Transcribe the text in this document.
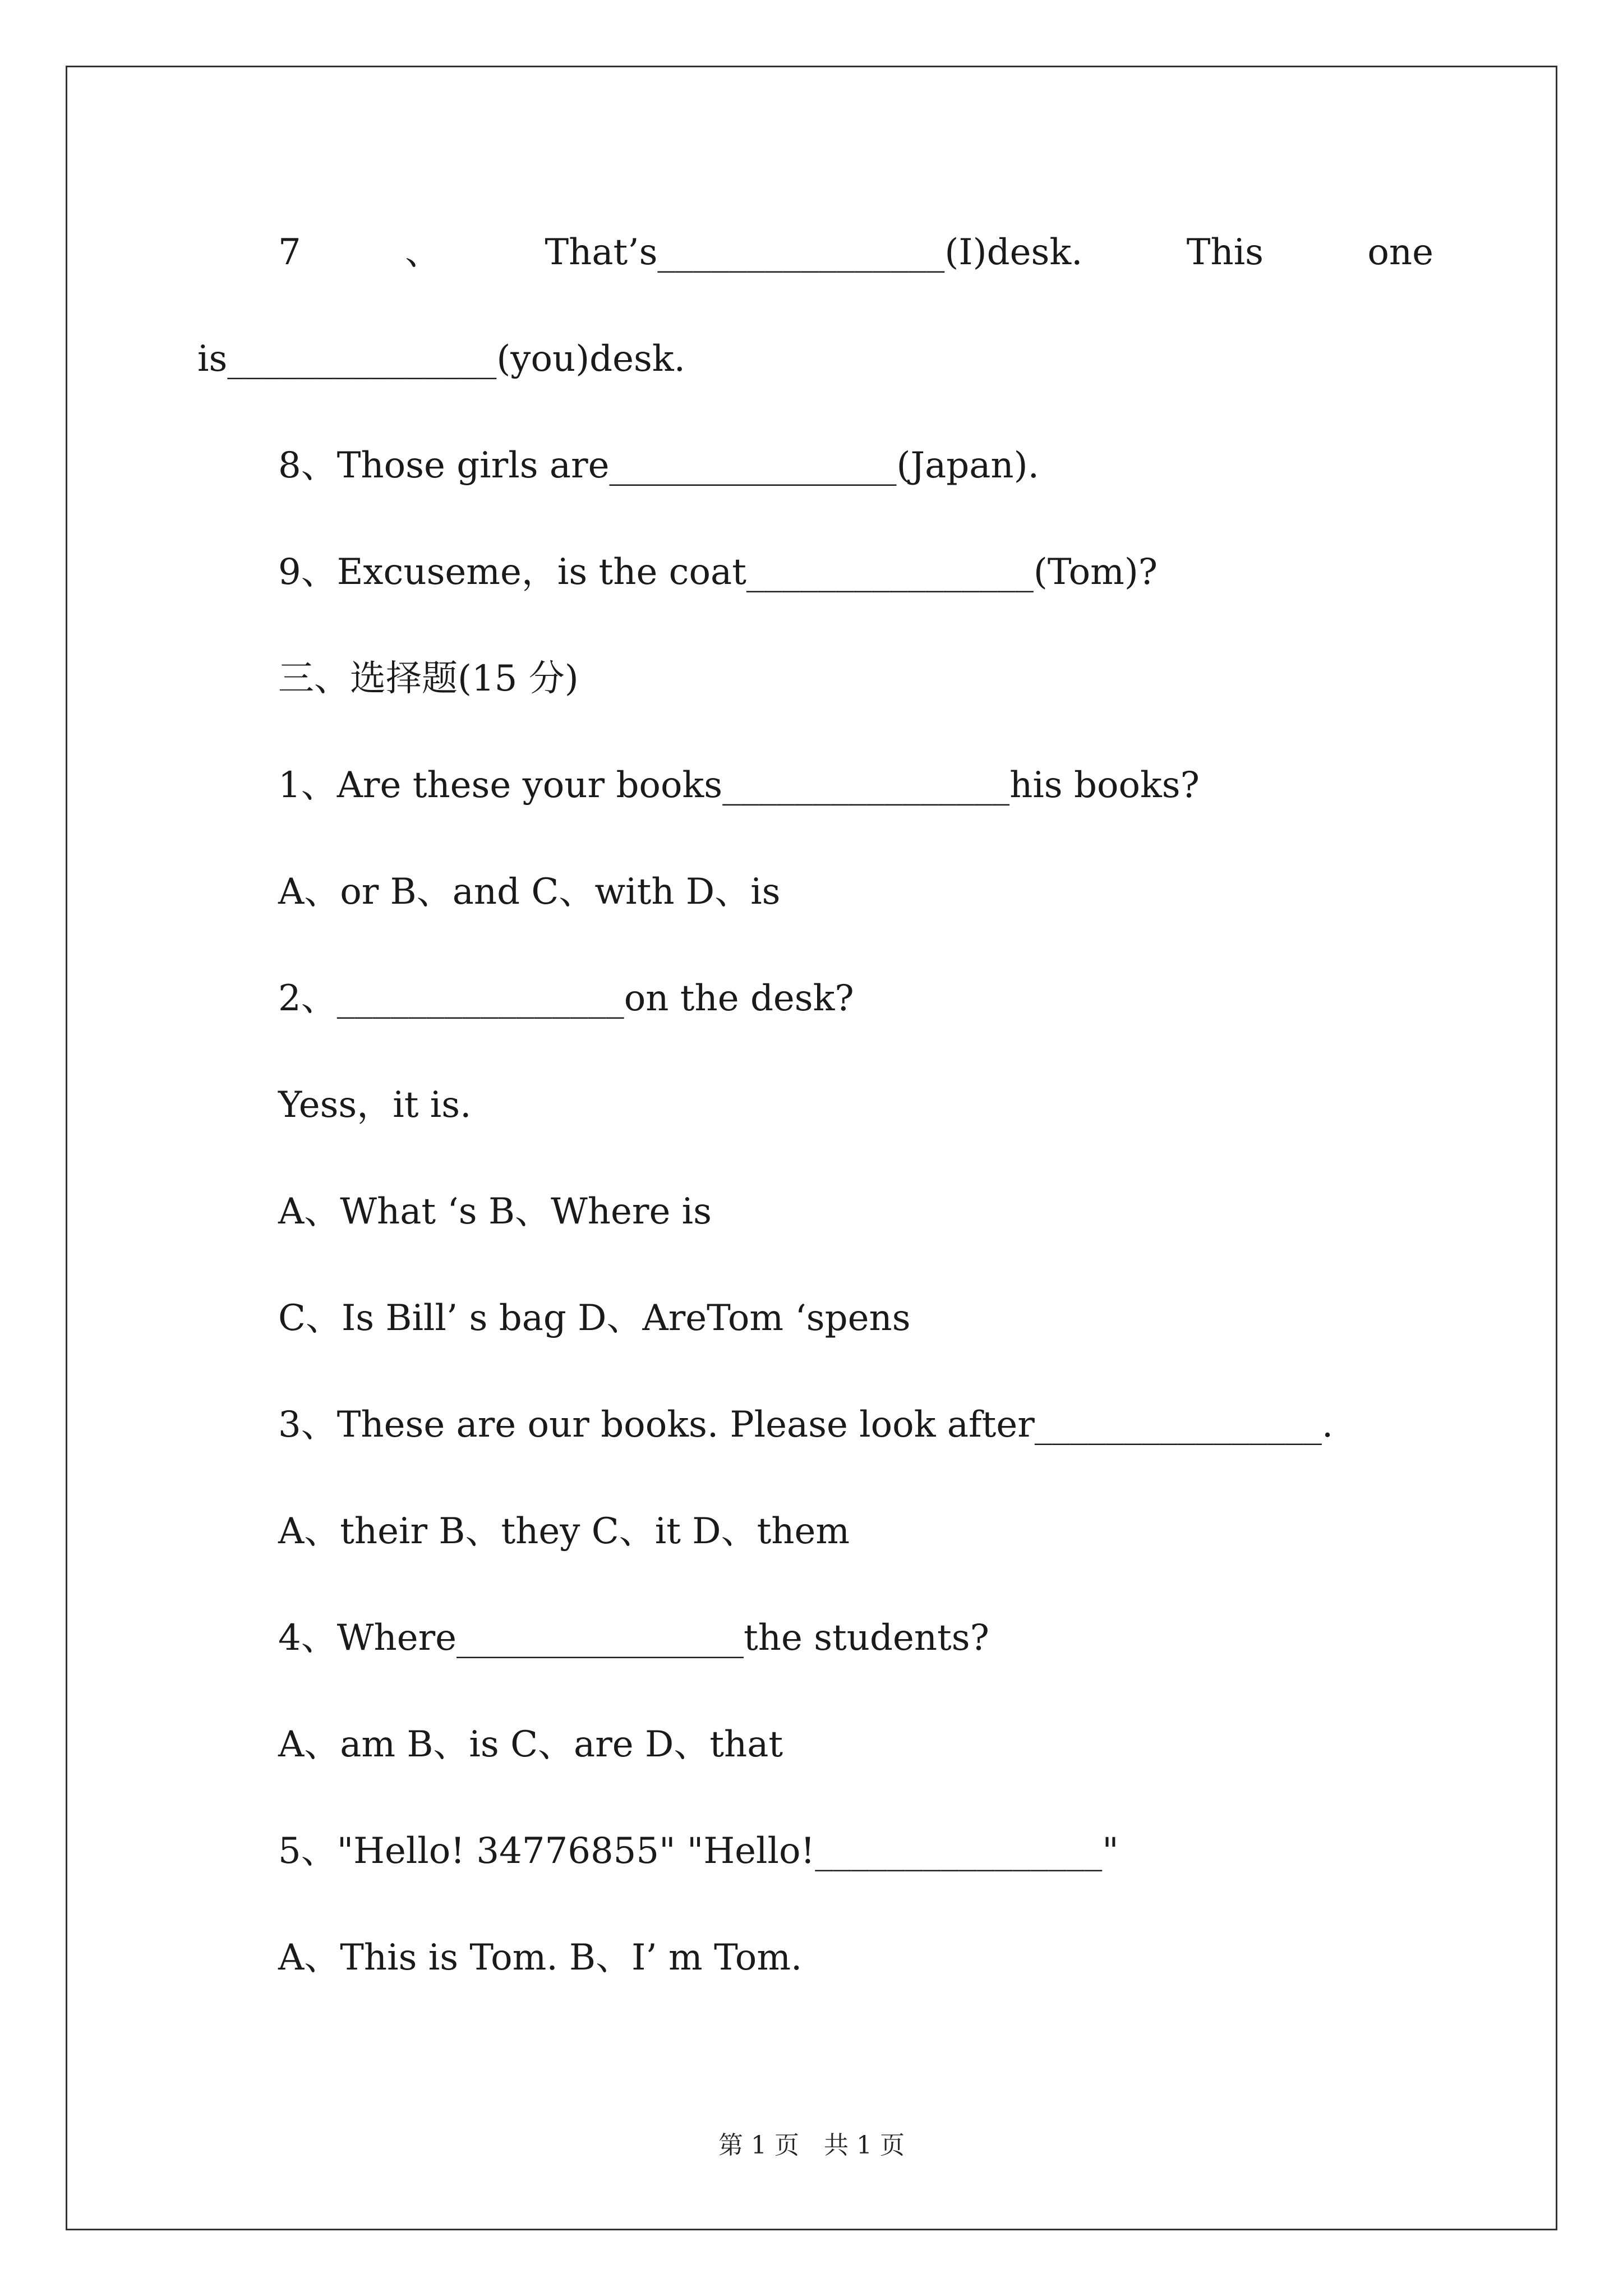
7	、	That’s________________(I)desk.	This	one
is_______________(you)desk.
8、Those girls are________________(Japan).
9、Excuseme，is the coat________________(Tom)?
三、选择题(15 分)
1、Are these your books________________his books?
A、or B、and C、with D、is
2、________________on the desk?
Yess，it is.
A、What ‘s B、Where is
C、Is Bill’ s bag D、AreTom ‘spens
3、These are our books. Please look after________________.
A、their B、they C、it D、them
4、Where________________the students?
A、am B、is C、are D、that
5、"Hello! 34776855" "Hello!________________"
A、This is Tom. B、I’ m Tom.
第 1 页　共 1 页
